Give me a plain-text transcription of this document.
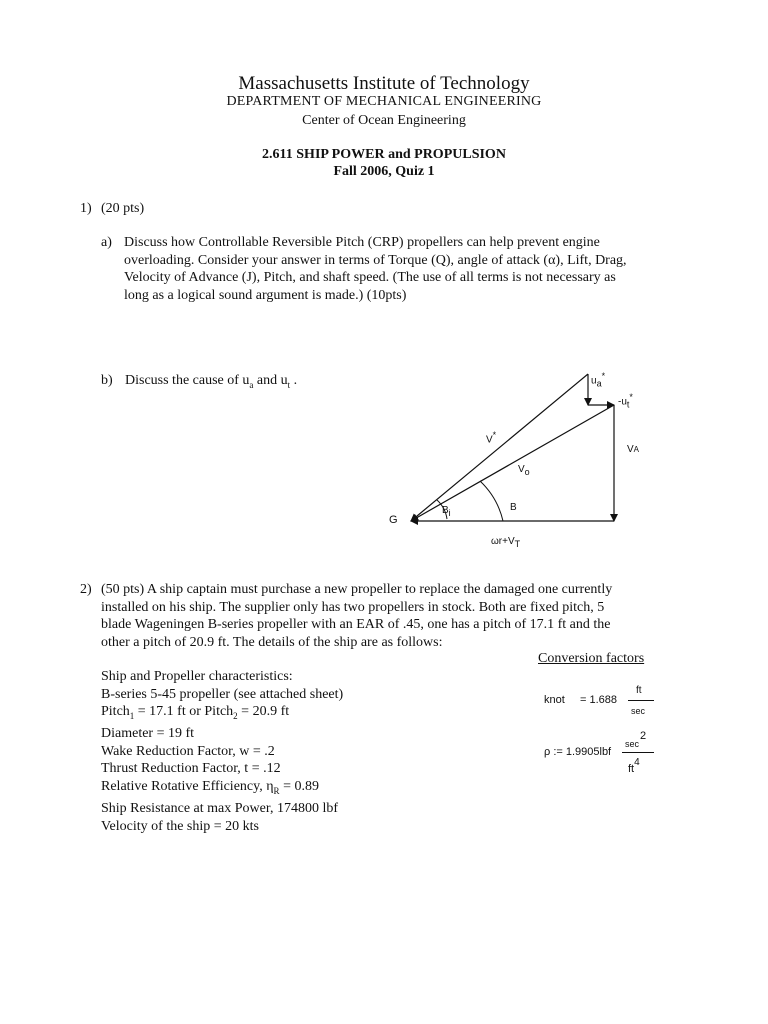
Massachusetts Institute of Technology
DEPARTMENT OF MECHANICAL ENGINEERING
Center of Ocean Engineering
2.611 SHIP POWER and PROPULSION
Fall 2006, Quiz 1
1) (20 pts)
a) Discuss how Controllable Reversible Pitch (CRP) propellers can help prevent engine
overloading. Consider your answer in terms of Torque (Q), angle of attack (α), Lift, Drag,
Velocity of Advance (J), Pitch, and shaft speed. (The use of all terms is not necessary as
long as a logical sound argument is made.) (10pts)
b) Discuss the cause of $u_a$ and $u_t$ .	$u_a^*$
$-u_t^*$
VA
V*
$V_o$
B
$B_i$
G
$\omega r+V_T$
2) (50 pts) A ship captain must purchase a new propeller to replace the damaged one currently
installed on his ship. The supplier only has two propellers in stock. Both are fixed pitch, 5
blade Wageningen B-series propeller with an EAR of .45, one has a pitch of 17.1 ft and the
other a pitch of 20.9 ft. The details of the ship are as follows:
Ship and Propeller characteristics:
B-series 5-45 propeller (see attached sheet)
Pitch$_1$ = 17.1 ft or Pitch$_2$ = 20.9 ft
Diameter = 19 ft
Wake Reduction Factor, w = .2
Thrust Reduction Factor, t = .12
Relative Rotative Efficiency, $\eta_R = 0.89$
Ship Resistance at max Power, 174800 lbf
Velocity of the ship = 20 kts
Conversion factors
knot = 1.688
ft
sec
ρ := 1.9905lbf
sec2
ft4
